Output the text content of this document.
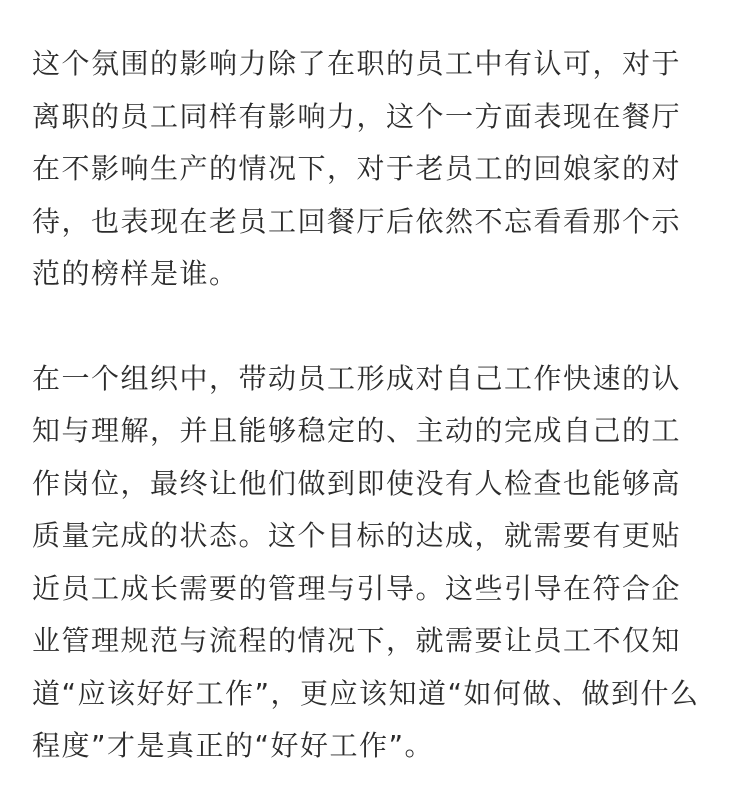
这个氛围的影响力除了在职的员工中有认可，对于
离职的员工同样有影响力，这个一方面表现在餐厅
在不影响生产的情况下，对于老员工的回娘家的对
待，也表现在老员工回餐厅后依然不忘看看那个示
范的榜样是谁。

在一个组织中，带动员工形成对自己工作快速的认
知与理解，并且能够稳定的、主动的完成自己的工
作岗位，最终让他们做到即使没有人检查也能够高
质量完成的状态。这个目标的达成，就需要有更贴
近员工成长需要的管理与引导。这些引导在符合企
业管理规范与流程的情况下，就需要让员工不仅知
道“应该好好工作”，更应该知道“如何做、做到什么
程度”才是真正的“好好工作”。
